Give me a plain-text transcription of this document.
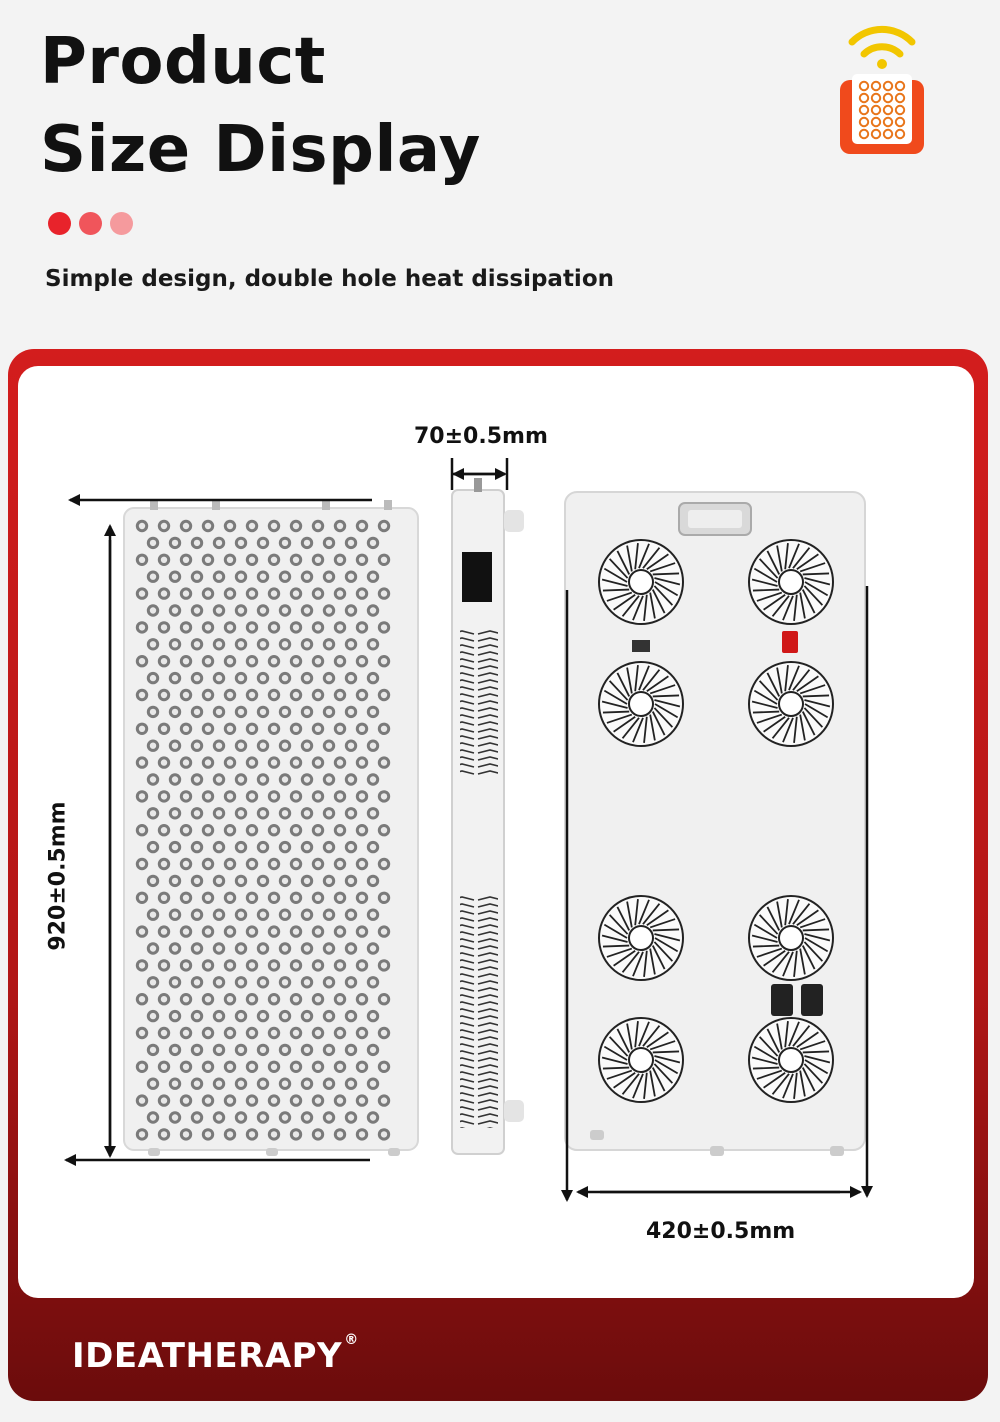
Product
Size Display
Simple design, double hole heat dissipation
70±0.5mm
920±0.5mm
420±0.5mm
IDEATHERAPY ®
